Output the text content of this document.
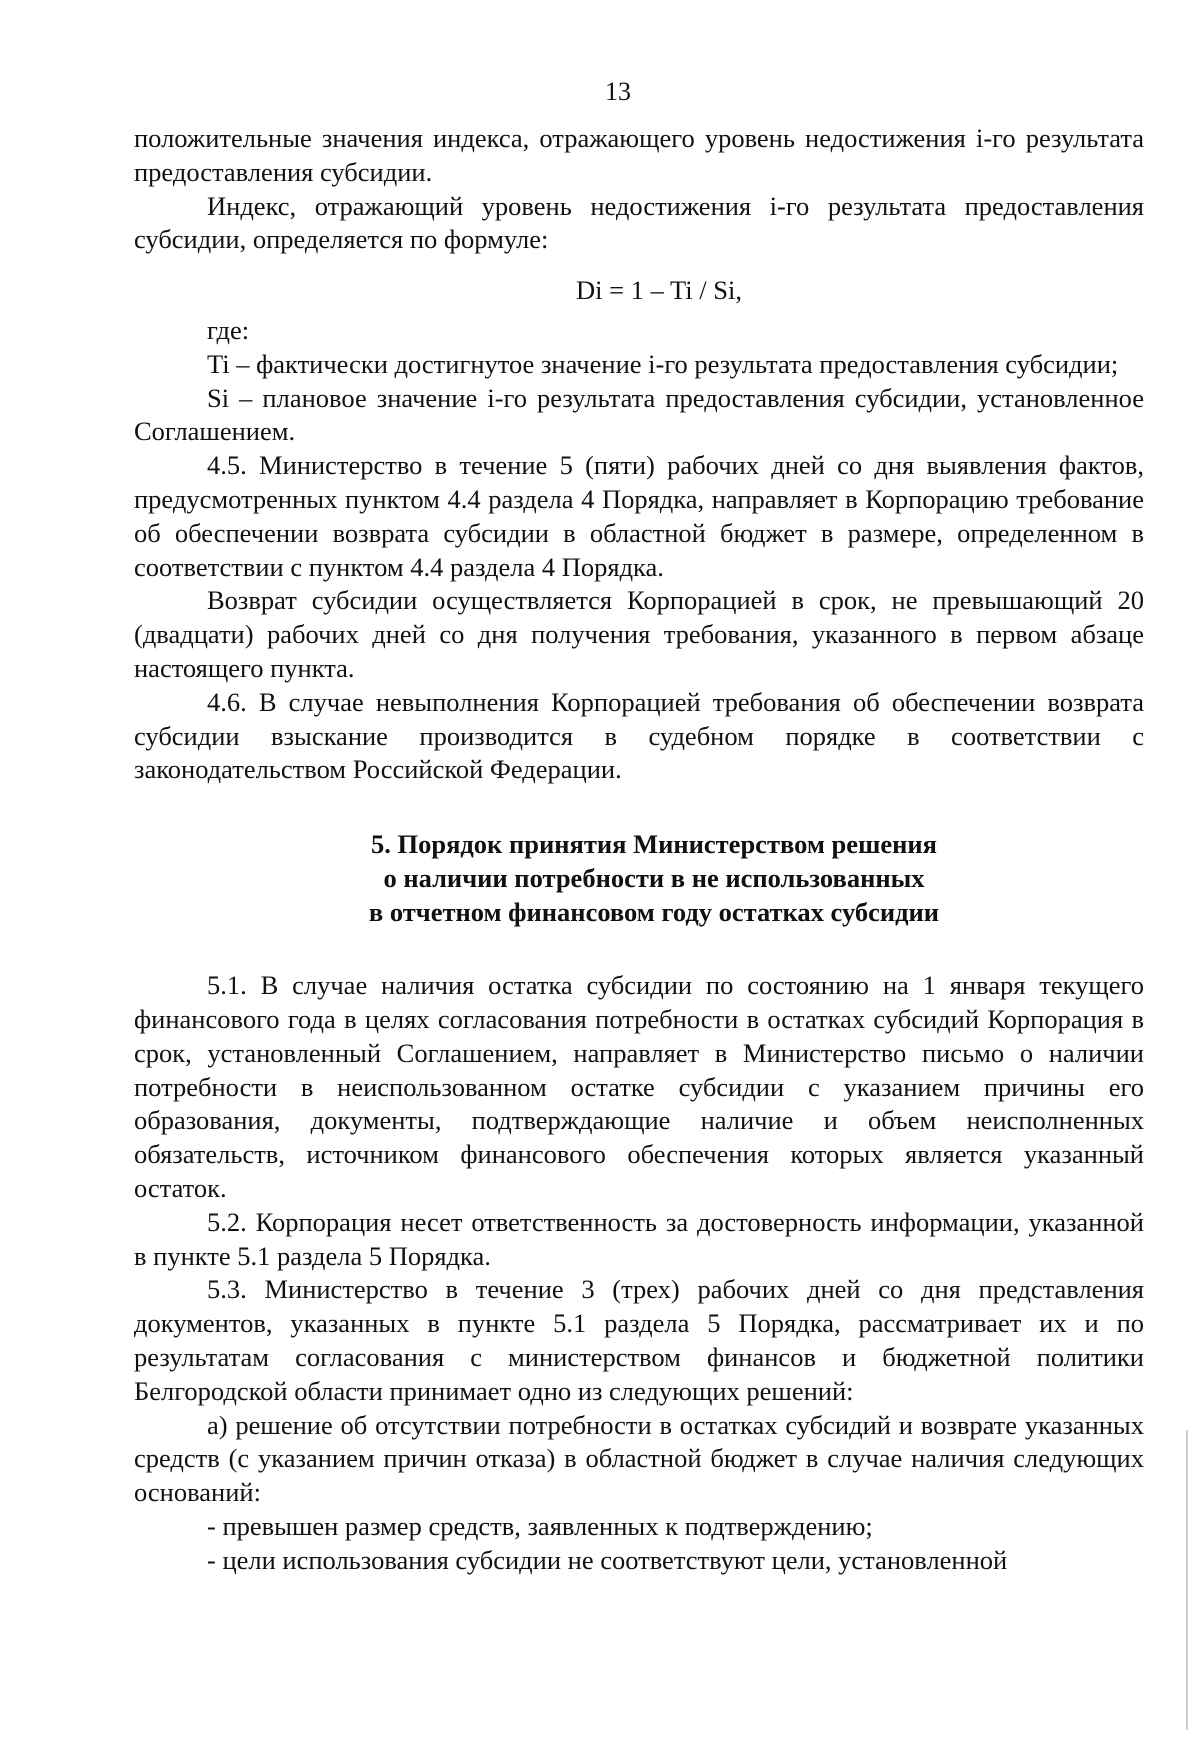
13

положительные значения индекса, отражающего уровень недостижения i-го результата предоставления субсидии.

Индекс, отражающий уровень недостижения i-го результата предоставления субсидии, определяется по формуле:

Di = 1 – Ti / Si,

где:

Ti – фактически достигнутое значение i-го результата предоставления субсидии;

Si – плановое значение i-го результата предоставления субсидии, установленное Соглашением.

4.5. Министерство в течение 5 (пяти) рабочих дней со дня выявления фактов, предусмотренных пунктом 4.4 раздела 4 Порядка, направляет в Корпорацию требование об обеспечении возврата субсидии в областной бюджет в размере, определенном в соответствии с пунктом 4.4 раздела 4 Порядка.

Возврат субсидии осуществляется Корпорацией в срок, не превышающий 20 (двадцати) рабочих дней со дня получения требования, указанного в первом абзаце настоящего пункта.

4.6. В случае невыполнения Корпорацией требования об обеспечении возврата субсидии взыскание производится в судебном порядке в соответствии с законодательством Российской Федерации.

5. Порядок принятия Министерством решения
о наличии потребности в не использованных
в отчетном финансовом году остатках субсидии

5.1. В случае наличия остатка субсидии по состоянию на 1 января текущего финансового года в целях согласования потребности в остатках субсидий Корпорация в срок, установленный Соглашением, направляет в Министерство письмо о наличии потребности в неиспользованном остатке субсидии с указанием причины его образования, документы, подтверждающие наличие и объем неисполненных обязательств, источником финансового обеспечения которых является указанный остаток.

5.2. Корпорация несет ответственность за достоверность информации, указанной в пункте 5.1 раздела 5 Порядка.

5.3. Министерство в течение 3 (трех) рабочих дней со дня представления документов, указанных в пункте 5.1 раздела 5 Порядка, рассматривает их и по результатам согласования с министерством финансов и бюджетной политики Белгородской области принимает одно из следующих решений:

а) решение об отсутствии потребности в остатках субсидий и возврате указанных средств (с указанием причин отказа) в областной бюджет в случае наличия следующих оснований:

- превышен размер средств, заявленных к подтверждению;

- цели использования субсидии не соответствуют цели, установленной
